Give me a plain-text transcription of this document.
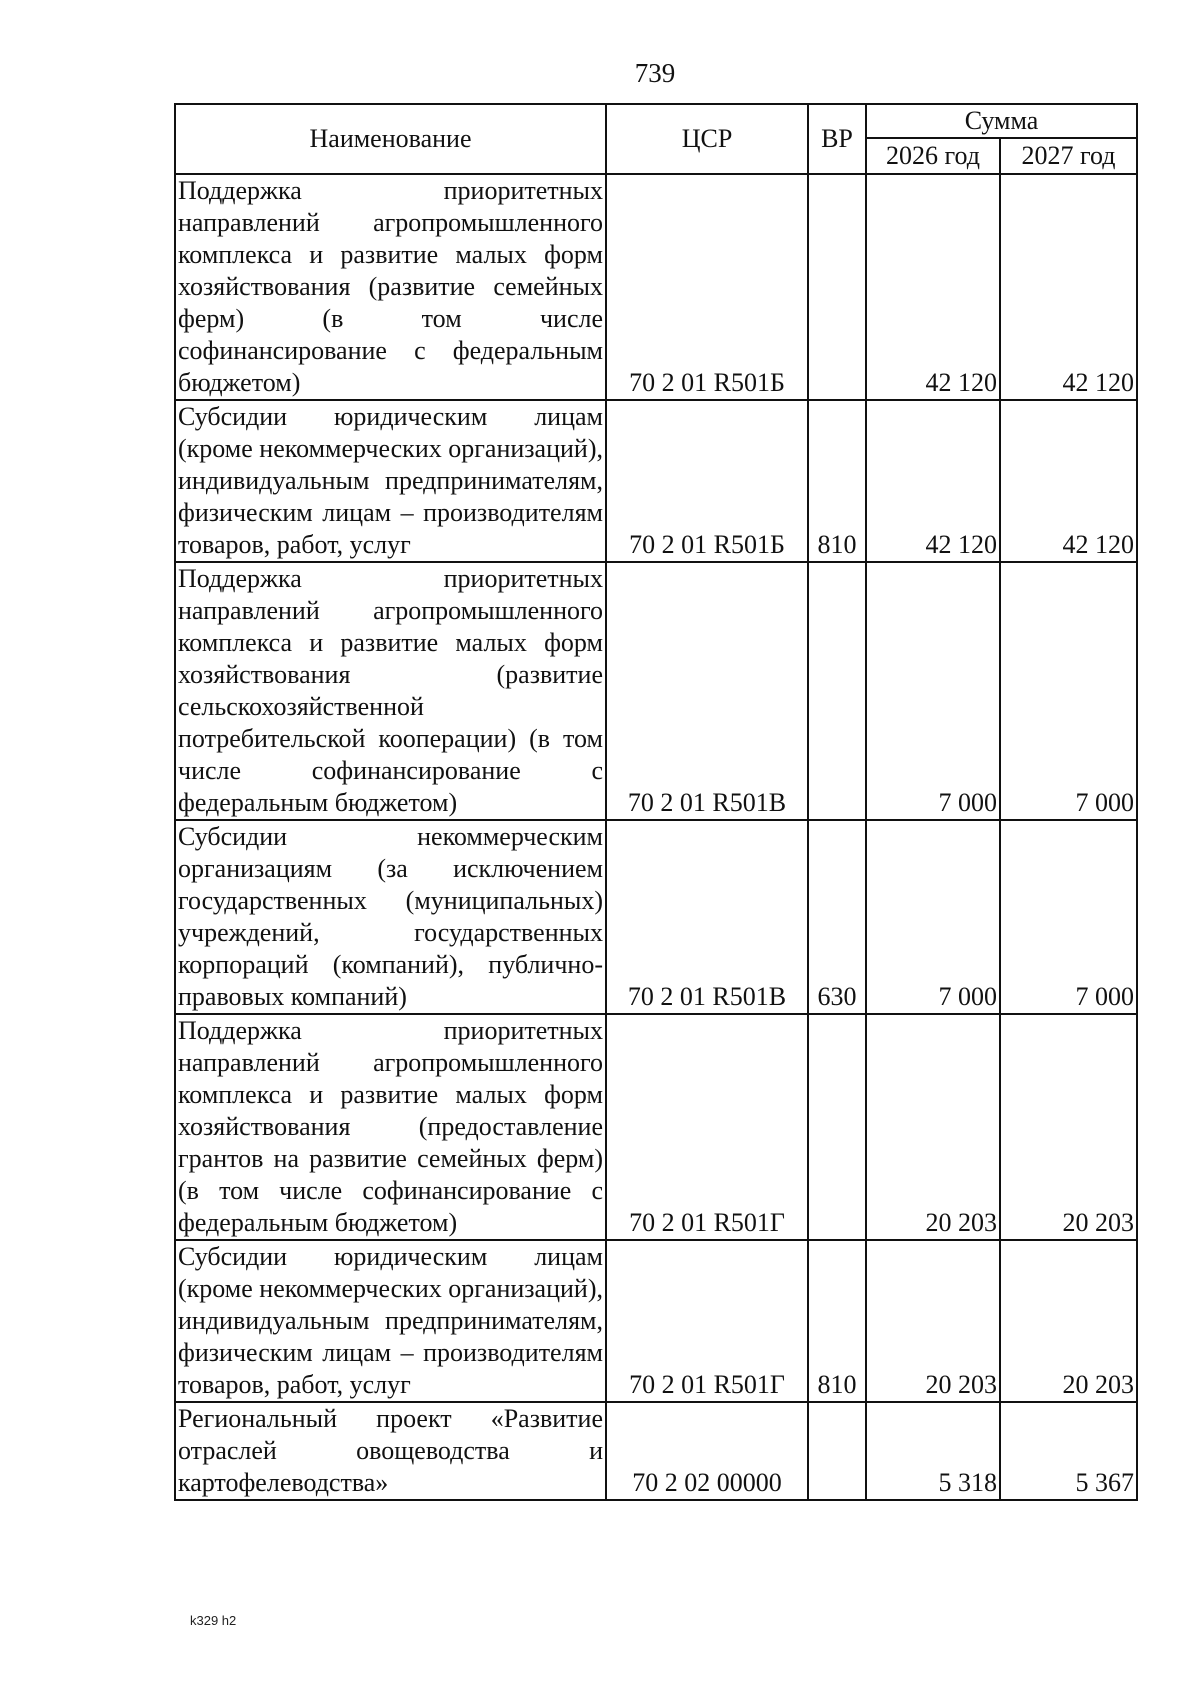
739
Наименование	ЦСР	ВР	Сумма	
			2026 год	2027 год
Поддержка приоритетных направлений агропромышленного комплекса и развитие малых форм хозяйствования (развитие семейных ферм) (в том числе софинансирование с федеральным бюджетом)	70 2 01 R501Б		42 120	42 120
Субсидии юридическим лицам (кроме некоммерческих организаций), индивидуальным предпринимателям, физическим лицам – производителям товаров, работ, услуг	70 2 01 R501Б	810	42 120	42 120
Поддержка приоритетных направлений агропромышленного комплекса и развитие малых форм хозяйствования (развитие сельскохозяйственной потребительской кооперации) (в том числе софинансирование с федеральным бюджетом)	70 2 01 R501В		7 000	7 000
Субсидии некоммерческим организациям (за исключением государственных (муниципальных) учреждений, государственных корпораций (компаний), публично-правовых компаний)	70 2 01 R501В	630	7 000	7 000
Поддержка приоритетных направлений агропромышленного комплекса и развитие малых форм хозяйствования (предоставление грантов на развитие семейных ферм) (в том числе софинансирование с федеральным бюджетом)	70 2 01 R501Г		20 203	20 203
Субсидии юридическим лицам (кроме некоммерческих организаций), индивидуальным предпринимателям, физическим лицам – производителям товаров, работ, услуг	70 2 01 R501Г	810	20 203	20 203
Региональный проект «Развитие отраслей овощеводства и картофелеводства»	70 2 02 00000		5 318	5 367
k329 h2
